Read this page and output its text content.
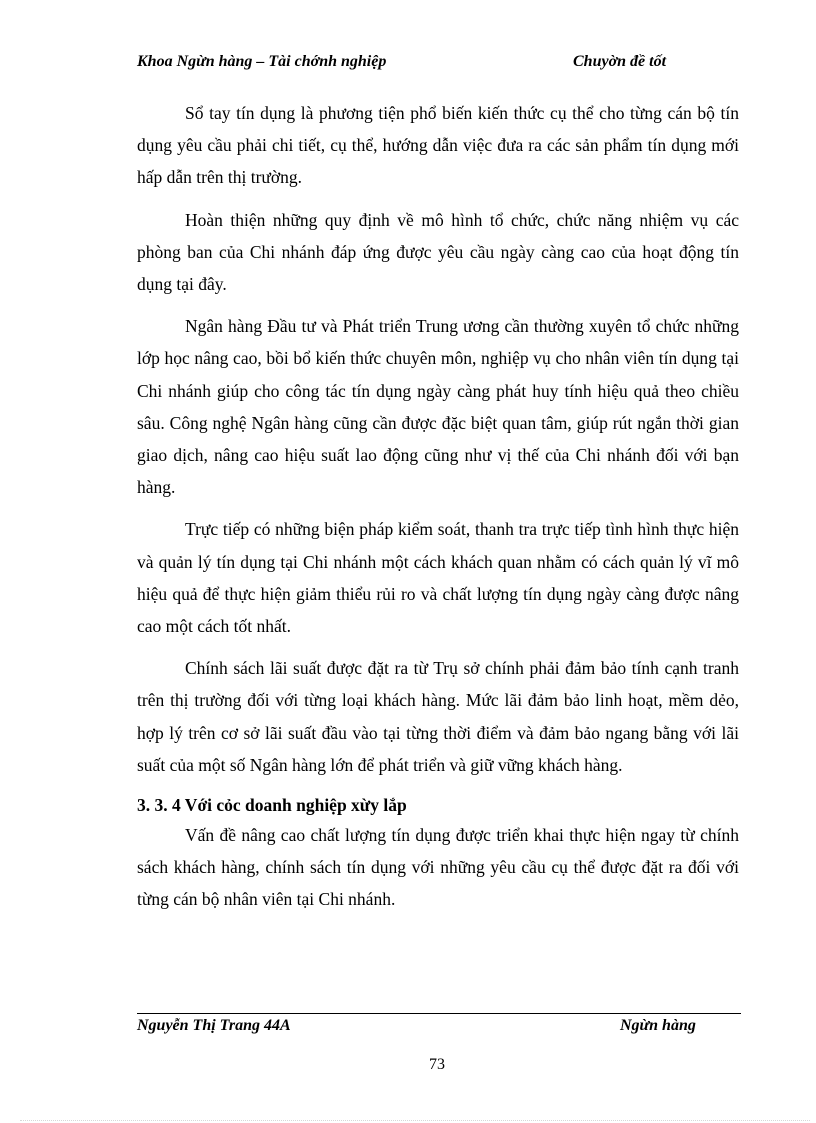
Khoa Ngừn hàng – Tài chớnh nghiệp	Chuyờn đề tốt

Sổ tay tín dụng là phương tiện phổ biến kiến thức cụ thể cho từng cán bộ tín dụng yêu cầu phải chi tiết, cụ thể, hướng dẫn việc đưa ra các sản phẩm tín dụng mới hấp dẫn trên thị trường.

Hoàn thiện những quy định về mô hình tổ chức, chức năng nhiệm vụ các phòng ban của Chi nhánh đáp ứng được yêu cầu ngày càng cao của hoạt động tín dụng tại đây.

Ngân hàng Đầu tư và Phát triển Trung ương cần thường xuyên tổ chức những lớp học nâng cao, bồi bổ kiến thức chuyên môn, nghiệp vụ cho nhân viên tín dụng tại Chi nhánh giúp cho công tác tín dụng ngày càng phát huy tính hiệu quả theo chiều sâu. Công nghệ Ngân hàng cũng cần được đặc biệt quan tâm, giúp rút ngắn thời gian giao dịch, nâng cao hiệu suất lao động cũng như vị thế của Chi nhánh đối với bạn hàng.

Trực tiếp có những biện pháp kiểm soát, thanh tra trực tiếp tình hình thực hiện và quản lý tín dụng tại Chi nhánh một cách khách quan nhằm có cách quản lý vĩ mô hiệu quả để thực hiện giảm thiểu rủi ro và chất lượng tín dụng ngày càng được nâng cao một cách tốt nhất.

Chính sách lãi suất được đặt ra từ Trụ sở chính phải đảm bảo tính cạnh tranh trên thị trường đối với từng loại khách hàng. Mức lãi đảm bảo linh hoạt, mềm dẻo, hợp lý trên cơ sở lãi suất đầu vào tại từng thời điểm và đảm bảo ngang bằng với lãi suất của một số Ngân hàng lớn để phát triển và giữ vững khách hàng.

3. 3. 4 Với cỏc doanh nghiệp xừy lắp

Vấn đề nâng cao chất lượng tín dụng được triển khai thực hiện ngay từ chính sách khách hàng, chính sách tín dụng với những yêu cầu cụ thể được đặt ra đối với từng cán bộ nhân viên tại Chi nhánh.

Nguyễn Thị Trang 44A	Ngừn hàng
73
